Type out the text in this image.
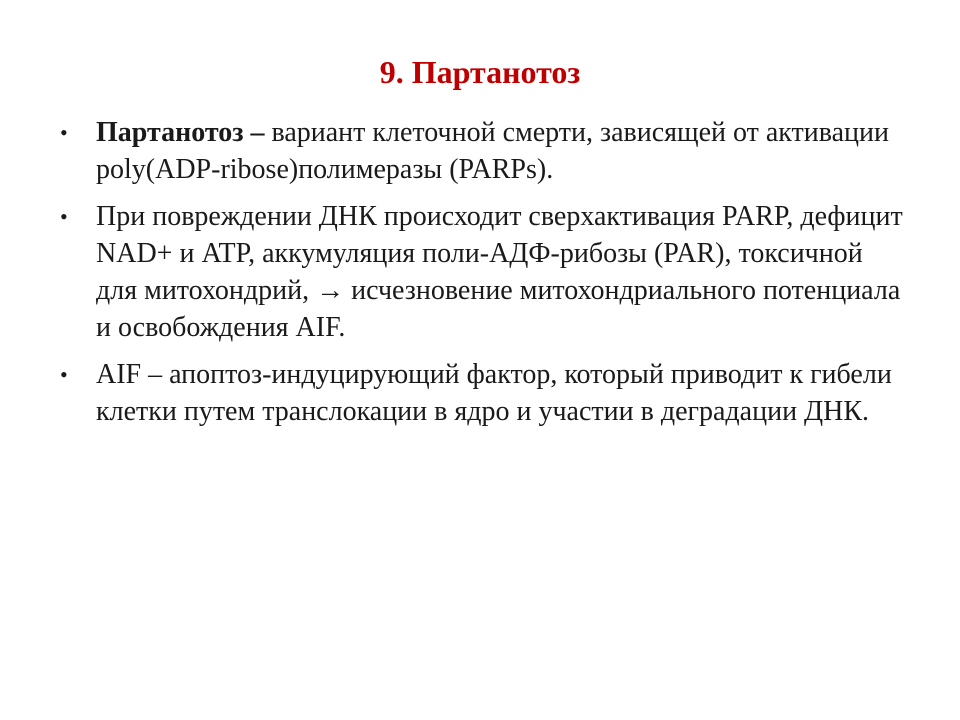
9. Партанотоз
•	Партанотоз – вариант клеточной смерти, зависящей от активации poly(ADP-ribose)полимеразы (PARPs).
•	При повреждении ДНК происходит сверхактивация PARP, дефицит NAD+ и ATP, аккумуляция поли-АДФ-рибозы (PAR), токсичной для митохондрий, → исчезновение митохондриального потенциала и освобождения AIF.
•	AIF – апоптоз-индуцирующий фактор, который приводит к гибели клетки путем транслокации в ядро и участии в деградации ДНК.
